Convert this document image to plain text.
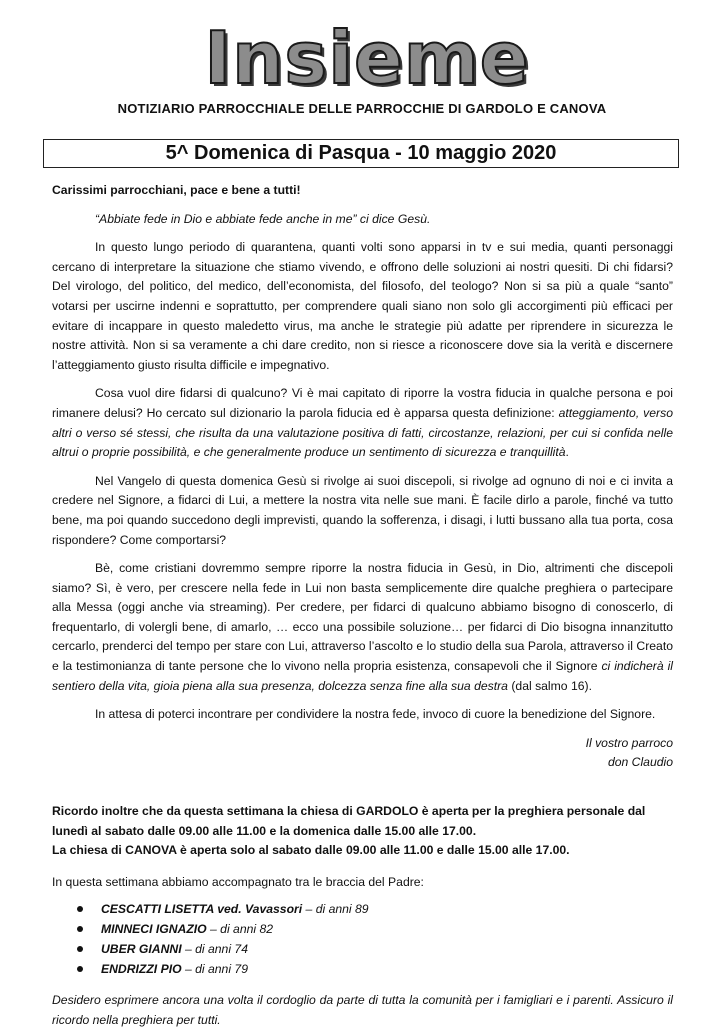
Insieme
NOTIZIARIO PARROCCHIALE DELLE PARROCCHIE DI GARDOLO E CANOVA
5^ Domenica di Pasqua - 10 maggio 2020

Carissimi parrocchiani, pace e bene a tutti!

“Abbiate fede in Dio e abbiate fede anche in me” ci dice Gesù.

In questo lungo periodo di quarantena, quanti volti sono apparsi in tv e sui media, quanti personaggi cercano di interpretare la situazione che stiamo vivendo, e offrono delle soluzioni ai nostri quesiti. Di chi fidarsi? Del virologo, del politico, del medico, dell’economista, del filosofo, del teologo? Non si sa più a quale “santo” votarsi per uscirne indenni e soprattutto, per comprendere quali siano non solo gli accorgimenti più efficaci per evitare di incappare in questo maledetto virus, ma anche le strategie più adatte per riprendere in sicurezza le nostre attività. Non si sa veramente a chi dare credito, non si riesce a riconoscere dove sia la verità e discernere l’atteggiamento giusto risulta difficile e impegnativo.

Cosa vuol dire fidarsi di qualcuno? Vi è mai capitato di riporre la vostra fiducia in qualche persona e poi rimanere delusi? Ho cercato sul dizionario la parola fiducia ed è apparsa questa definizione: atteggiamento, verso altri o verso sé stessi, che risulta da una valutazione positiva di fatti, circostanze, relazioni, per cui si confida nelle altrui o proprie possibilità, e che generalmente produce un sentimento di sicurezza e tranquillità.

Nel Vangelo di questa domenica Gesù si rivolge ai suoi discepoli, si rivolge ad ognuno di noi e ci invita a credere nel Signore, a fidarci di Lui, a mettere la nostra vita nelle sue mani. È facile dirlo a parole, finché va tutto bene, ma poi quando succedono degli imprevisti, quando la sofferenza, i disagi, i lutti bussano alla tua porta, cosa rispondere? Come comportarsi?

Bè, come cristiani dovremmo sempre riporre la nostra fiducia in Gesù, in Dio, altrimenti che discepoli siamo? Sì, è vero, per crescere nella fede in Lui non basta semplicemente dire qualche preghiera o partecipare alla Messa (oggi anche via streaming). Per credere, per fidarci di qualcuno abbiamo bisogno di conoscerlo, di frequentarlo, di volergli bene, di amarlo, … ecco una possibile soluzione… per fidarci di Dio bisogna innanzitutto cercarlo, prenderci del tempo per stare con Lui, attraverso l’ascolto e lo studio della sua Parola, attraverso il Creato e la testimonianza di tante persone che lo vivono nella propria esistenza, consapevoli che il Signore ci indicherà il sentiero della vita, gioia piena alla sua presenza, dolcezza senza fine alla sua destra (dal salmo 16).

In attesa di poterci incontrare per condividere la nostra fede, invoco di cuore la benedizione del Signore.

Il vostro parroco
don Claudio

Ricordo inoltre che da questa settimana la chiesa di GARDOLO è aperta per la preghiera personale dal lunedì al sabato dalle 09.00 alle 11.00 e la domenica dalle 15.00 alle 17.00.
La chiesa di CANOVA è aperta solo al sabato dalle 09.00 alle 11.00 e dalle 15.00 alle 17.00.

In questa settimana abbiamo accompagnato tra le braccia del Padre:

CESCATTI LISETTA ved. Vavassori – di anni 89
MINNECI IGNAZIO – di anni 82
UBER GIANNI – di anni 74
ENDRIZZI PIO – di anni 79

Desidero esprimere ancora una volta il cordoglio da parte di tutta la comunità per i famigliari e i parenti. Assicuro il ricordo nella preghiera per tutti.
